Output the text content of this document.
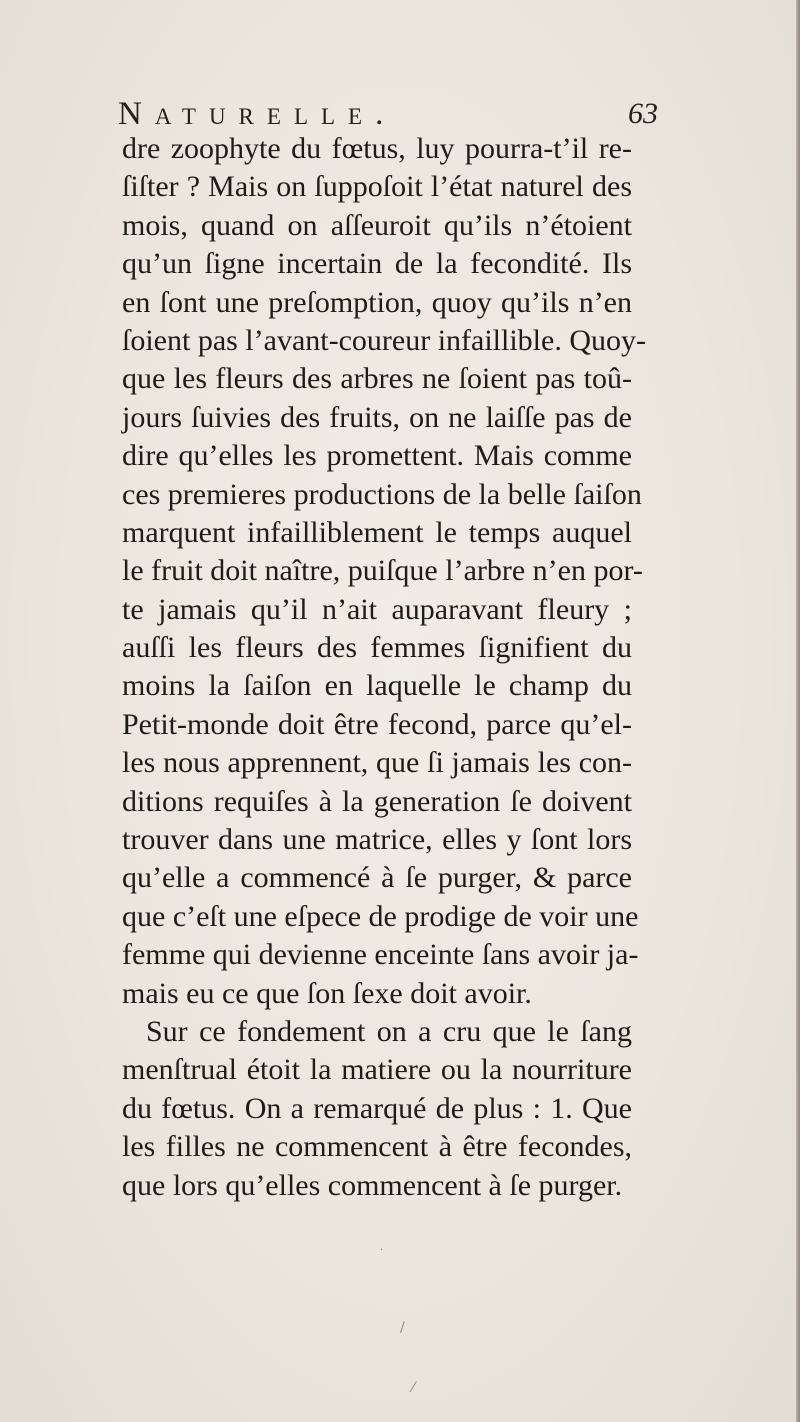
Naturelle.	63
dre zoophyte du fœtus, luy pourra-t’il re-
ſiſter ? Mais on ſuppoſoit l’état naturel des
mois, quand on aſſeuroit qu’ils n’étoient
qu’un ſigne incertain de la fecondité. Ils
en ſont une preſomption, quoy qu’ils n’en
ſoient pas l’avant-coureur infaillible. Quoy-
que les fleurs des arbres ne ſoient pas toû-
jours ſuivies des fruits, on ne laiſſe pas de
dire qu’elles les promettent. Mais comme
ces premieres productions de la belle ſaiſon
marquent infailliblement le temps auquel
le fruit doit naître, puiſque l’arbre n’en por-
te jamais qu’il n’ait auparavant fleury ;
auſſi les fleurs des femmes ſignifient du
moins la ſaiſon en laquelle le champ du
Petit-monde doit être fecond, parce qu’el-
les nous apprennent, que ſi jamais les con-
ditions requiſes à la generation ſe doivent
trouver dans une matrice, elles y ſont lors
qu’elle a commencé à ſe purger, & parce
que c’eſt une eſpece de prodige de voir une
femme qui devienne enceinte ſans avoir ja-
mais eu ce que ſon ſexe doit avoir.
Sur ce fondement on a cru que le ſang
menſtrual étoit la matiere ou la nourriture
du fœtus. On a remarqué de plus : 1. Que
les filles ne commencent à être fecondes,
que lors qu’elles commencent à ſe purger.
·
/
⁄
